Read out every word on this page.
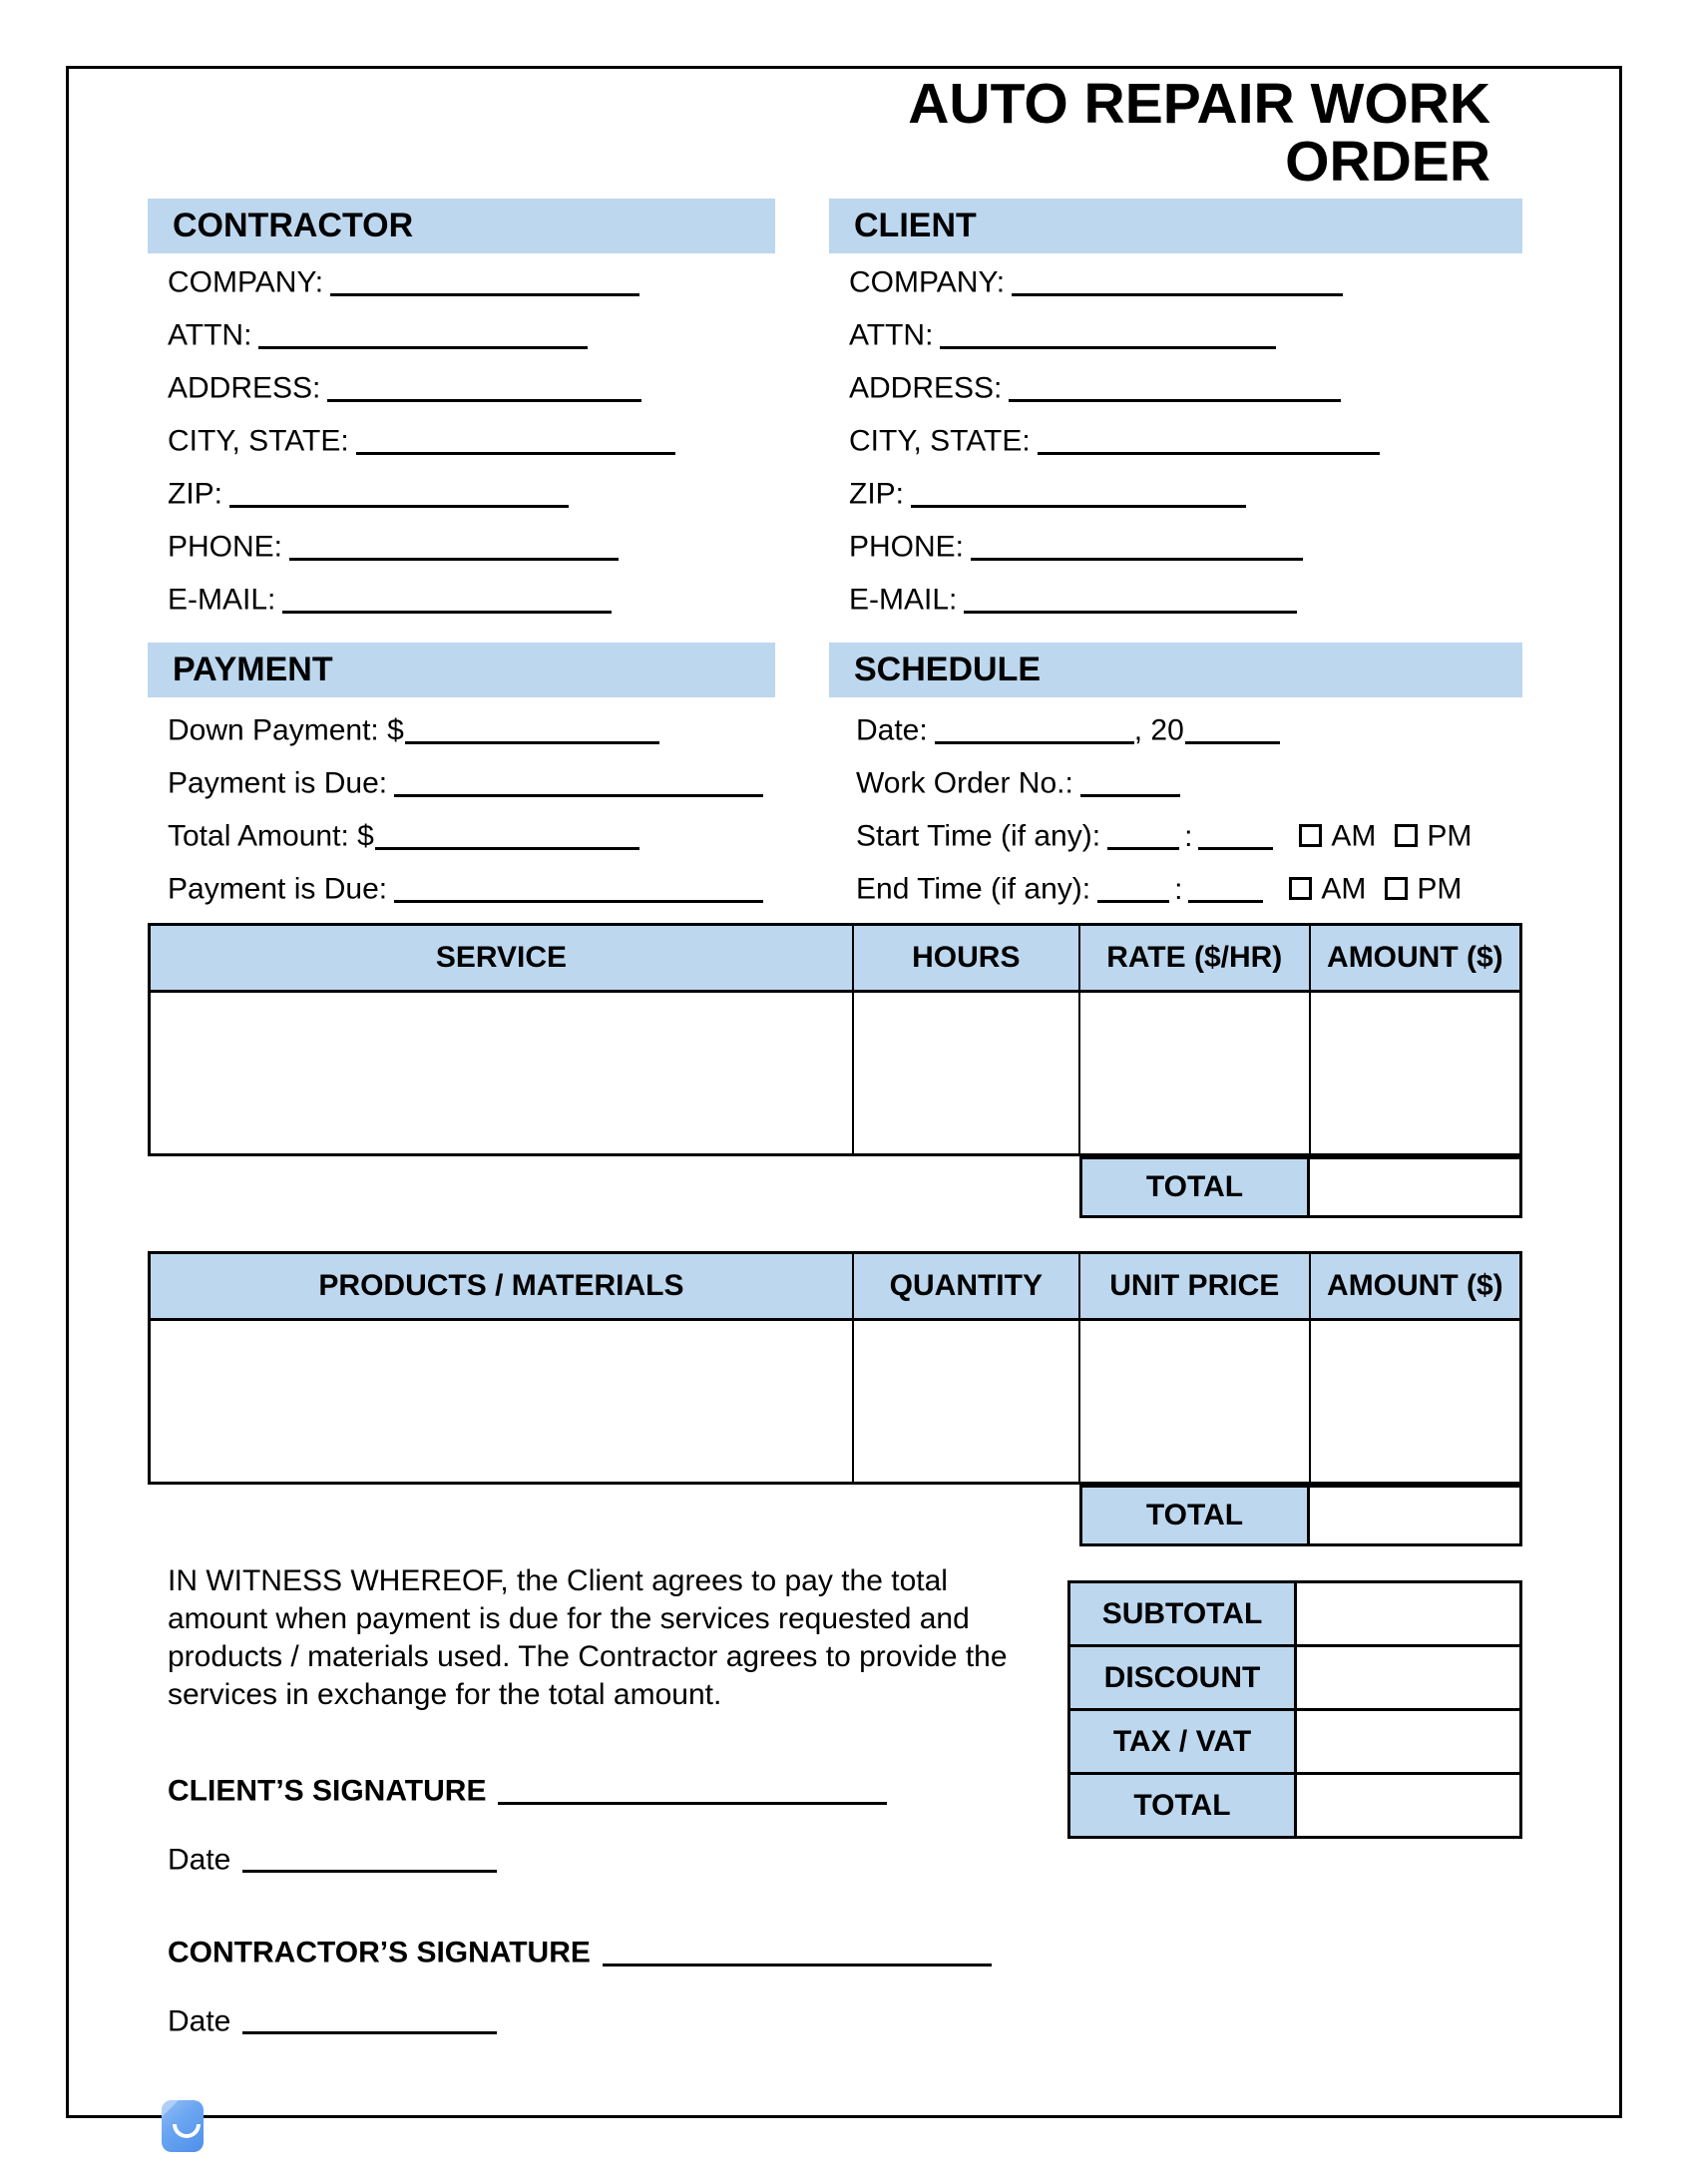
AUTO REPAIR WORK ORDER
CONTRACTOR
COMPANY:
ATTN:
ADDRESS:
CITY, STATE:
ZIP:
PHONE:
E-MAIL:
CLIENT
COMPANY:
ATTN:
ADDRESS:
CITY, STATE:
ZIP:
PHONE:
E-MAIL:
PAYMENT
Down Payment: $
Payment is Due:
Total Amount: $
Payment is Due:
SCHEDULE
Date:	, 20
Work Order No.:
Start Time (if any):	:	AM PM
End Time (if any):	:	AM PM
SERVICE	HOURS	RATE ($/HR)	AMOUNT ($)

TOTAL
PRODUCTS / MATERIALS	QUANTITY	UNIT PRICE	AMOUNT ($)

TOTAL
IN WITNESS WHEREOF, the Client agrees to pay the total amount when payment is due for the services requested and products / materials used. The Contractor agrees to provide the services in exchange for the total amount.
CLIENT’S SIGNATURE
Date
CONTRACTOR’S SIGNATURE
Date
SUBTOTAL
DISCOUNT
TAX / VAT
TOTAL
